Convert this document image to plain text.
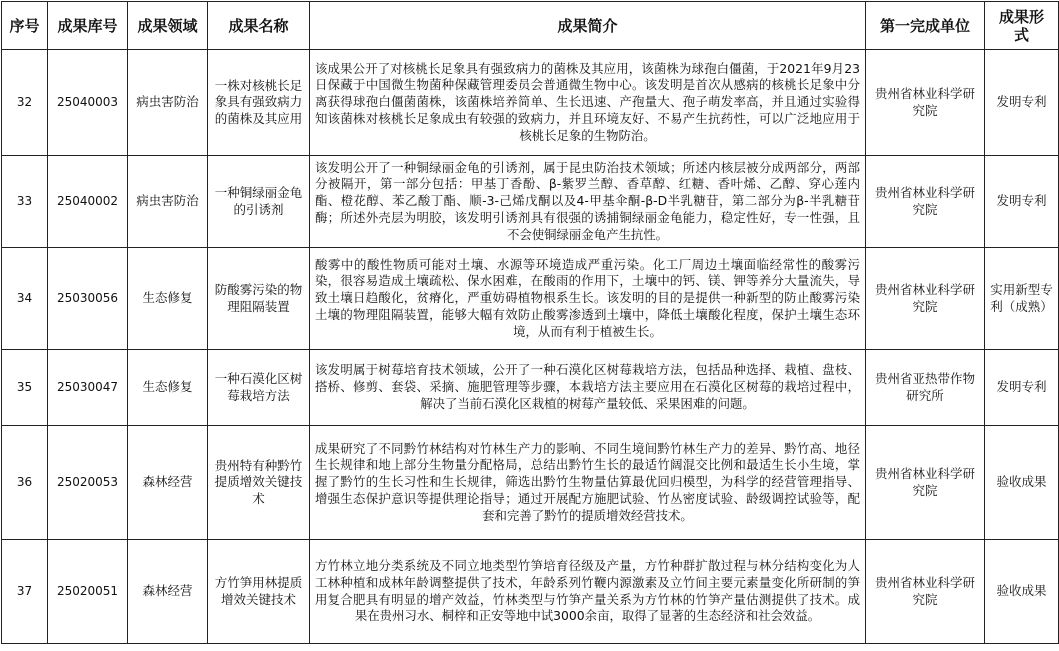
序号	成果库号	成果领域	成果名称	成果简介	第一完成单位	成果形式
32	25040003	病虫害防治	一株对核桃长足象具有强致病力的菌株及其应用	该成果公开了对核桃长足象具有强致病力的菌株及其应用，该菌株为球孢白僵菌，于2021年9月23日保藏于中国微生物菌种保藏管理委员会普通微生物中心。该发明是首次从感病的核桃长足象中分离获得球孢白僵菌菌株，该菌株培养简单、生长迅速、产孢量大、孢子萌发率高，并且通过实验得知该菌株对核桃长足象成虫有较强的致病力，并且环境友好、不易产生抗药性，可以广泛地应用于核桃长足象的生物防治。	贵州省林业科学研究院	发明专利
33	25040002	病虫害防治	一种铜绿丽金龟的引诱剂	该发明公开了一种铜绿丽金龟的引诱剂，属于昆虫防治技术领域；所述内核层被分成两部分，两部分被隔开，第一部分包括：甲基丁香酚、β-紫罗兰醇、香草醇、红糖、香叶烯、乙醇、穿心莲内酯、橙花醇、苯乙酸丁酯、顺-3-己烯戊酮以及4-甲基伞酮-β-D半乳糖苷，第二部分为β-半乳糖苷酶；所述外壳层为明胶，该发明引诱剂具有很强的诱捕铜绿丽金龟能力，稳定性好，专一性强，且不会使铜绿丽金龟产生抗性。	贵州省林业科学研究院	发明专利
34	25030056	生态修复	防酸雾污染的物理阻隔装置	酸雾中的酸性物质可能对土壤、水源等环境造成严重污染。化工厂周边土壤面临经常性的酸雾污染，很容易造成土壤疏松、保水困难，在酸雨的作用下，土壤中的钙、镁、钾等养分大量流失，导致土壤日趋酸化，贫瘠化，严重妨碍植物根系生长。该发明的目的是提供一种新型的防止酸雾污染土壤的物理阻隔装置，能够大幅有效防止酸雾渗透到土壤中，降低土壤酸化程度，保护土壤生态环境，从而有利于植被生长。	贵州省林业科学研究院	实用新型专利（成熟）
35	25030047	生态修复	一种石漠化区树莓栽培方法	该发明属于树莓培育技术领域，公开了一种石漠化区树莓栽培方法，包括品种选择、栽植、盘枝、搭桥、修剪、套袋、采摘、施肥管理等步骤，本栽培方法主要应用在石漠化区树莓的栽培过程中，解决了当前石漠化区栽植的树莓产量较低、采果困难的问题。	贵州省亚热带作物研究所	发明专利
36	25020053	森林经营	贵州特有种黔竹提质增效关键技术	成果研究了不同黔竹林结构对竹林生产力的影响、不同生境间黔竹林生产力的差异、黔竹高、地径生长规律和地上部分生物量分配格局，总结出黔竹生长的最适竹阔混交比例和最适生长小生境，掌握了黔竹的生长习性和生长规律，筛选出黔竹生物量估算最优回归模型，为科学的经营管理指导、增强生态保护意识等提供理论指导；通过开展配方施肥试验、竹丛密度试验、龄级调控试验等，配套和完善了黔竹的提质增效经营技术。	贵州省林业科学研究院	验收成果
37	25020051	森林经营	方竹笋用林提质增效关键技术	方竹林立地分类系统及不同立地类型竹笋培育径级及产量，方竹种群扩散过程与林分结构变化为人工林种植和成林年龄调整提供了技术，年龄系列竹鞭内源激素及立竹间主要元素量变化所研制的笋用复合肥具有明显的增产效益，竹林类型与竹笋产量关系为方竹林的竹笋产量估测提供了技术。成果在贵州习水、桐梓和正安等地中试3000余亩，取得了显著的生态经济和社会效益。	贵州省林业科学研究院	验收成果
